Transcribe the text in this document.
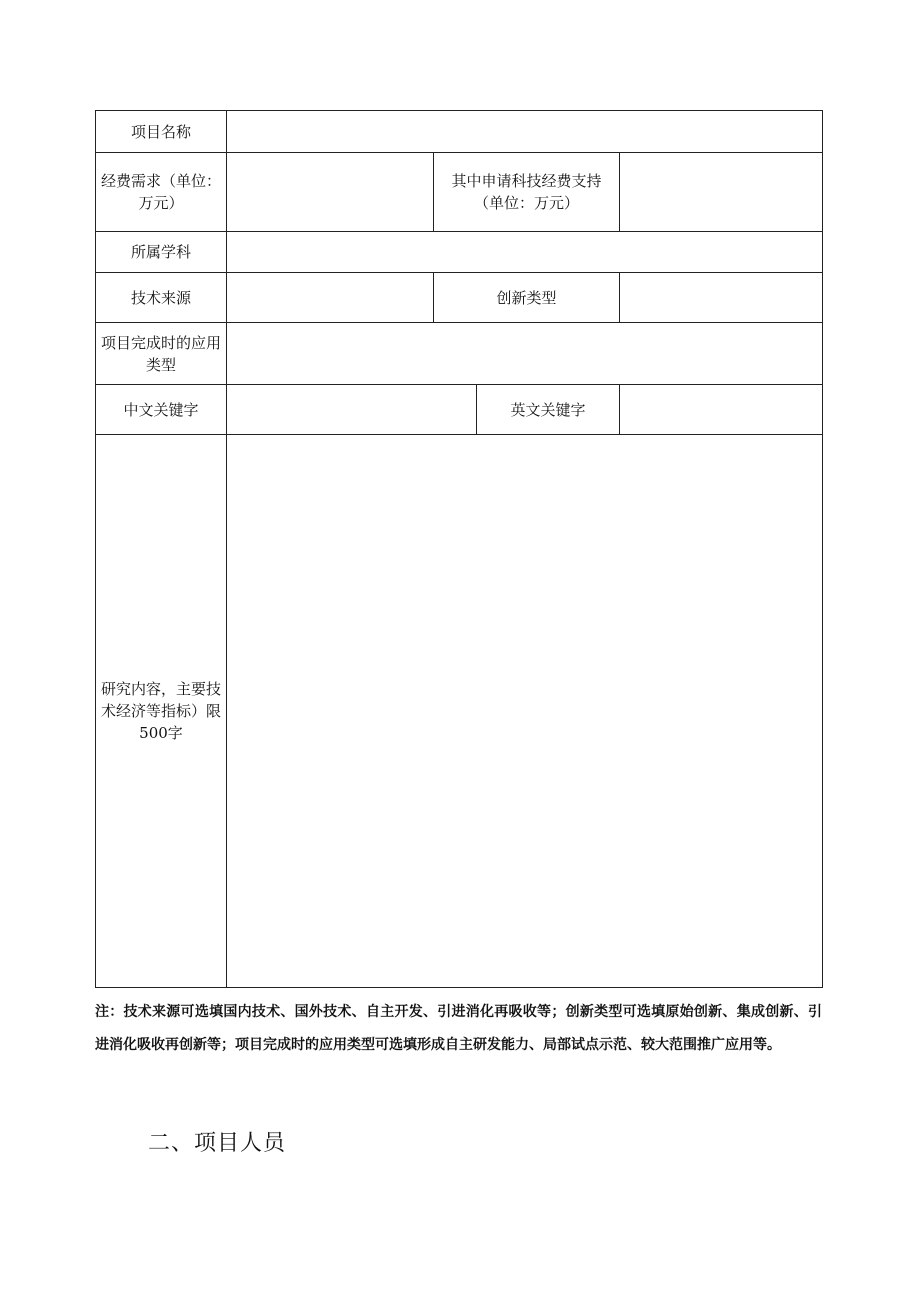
项目名称				
经费需求（单位：万元）		其中申请科技经费支持（单位：万元）		
所属学科				
技术来源		创新类型		
项目完成时的应用类型				
中文关键字			英文关键字	
研究内容，主要技术经济等指标）限500字				
注：技术来源可选填国内技术、国外技术、自主开发、引进消化再吸收等；创新类型可选填原始创新、集成创新、引进消化吸收再创新等；项目完成时的应用类型可选填形成自主研发能力、局部试点示范、较大范围推广应用等。
二、项目人员
